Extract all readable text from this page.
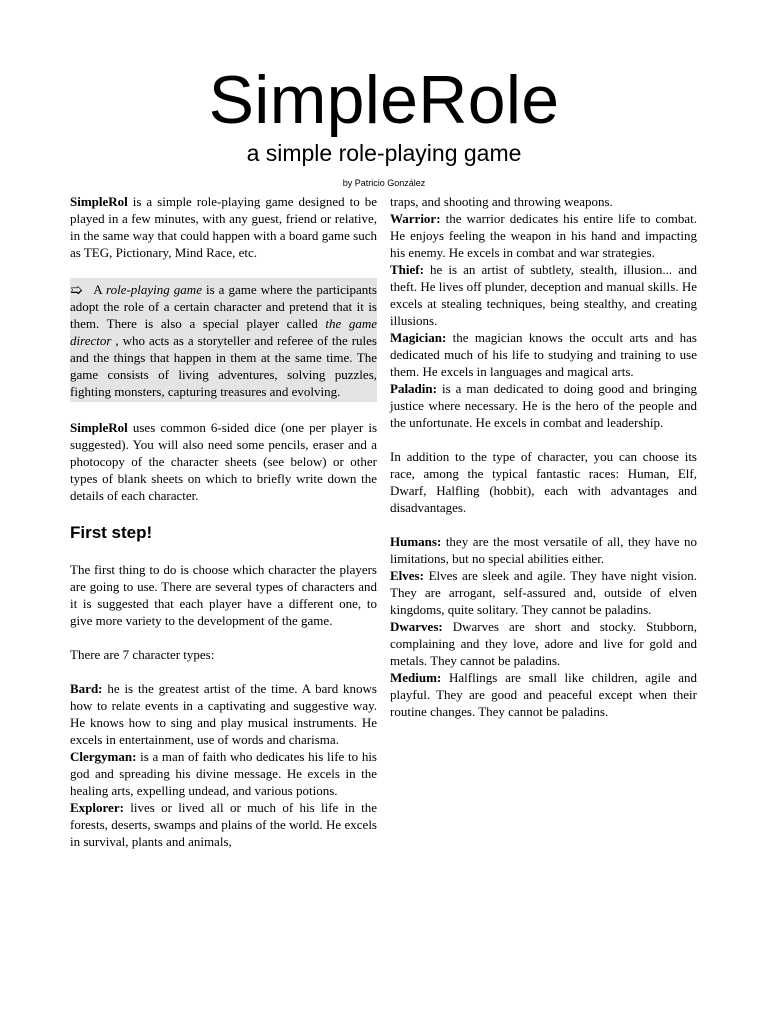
SimpleRole
a simple role-playing game
by Patricio González

SimpleRol is a simple role-playing game designed to be played in a few minutes, with any guest, friend or relative, in the same way that could happen with a board game such as TEG, Pictionary, Mind Race, etc.

➯ A role-playing game is a game where the participants adopt the role of a certain character and pretend that it is them. There is also a special player called the game director , who acts as a storyteller and referee of the rules and the things that happen in them at the same time. The game consists of living adventures, solving puzzles, fighting monsters, capturing treasures and evolving.

SimpleRol uses common 6-sided dice (one per player is suggested). You will also need some pencils, eraser and a photocopy of the character sheets (see below) or other types of blank sheets on which to briefly write down the details of each character.

First step!

The first thing to do is choose which character the players are going to use. There are several types of characters and it is suggested that each player have a different one, to give more variety to the development of the game.

There are 7 character types:

Bard: he is the greatest artist of the time. A bard knows how to relate events in a captivating and suggestive way. He knows how to sing and play musical instruments. He excels in entertainment, use of words and charisma.

Clergyman: is a man of faith who dedicates his life to his god and spreading his divine message. He excels in the healing arts, expelling undead, and various potions.

Explorer: lives or lived all or much of his life in the forests, deserts, swamps and plains of the world. He excels in survival, plants and animals,

traps, and shooting and throwing weapons.

Warrior: the warrior dedicates his entire life to combat. He enjoys feeling the weapon in his hand and impacting his enemy. He excels in combat and war strategies.

Thief: he is an artist of subtlety, stealth, illusion... and theft. He lives off plunder, deception and manual skills. He excels at stealing techniques, being stealthy, and creating illusions.

Magician: the magician knows the occult arts and has dedicated much of his life to studying and training to use them. He excels in languages and magical arts.

Paladin: is a man dedicated to doing good and bringing justice where necessary. He is the hero of the people and the unfortunate. He excels in combat and leadership.

In addition to the type of character, you can choose its race, among the typical fantastic races: Human, Elf, Dwarf, Halfling (hobbit), each with advantages and disadvantages.

Humans: they are the most versatile of all, they have no limitations, but no special abilities either.

Elves: Elves are sleek and agile. They have night vision. They are arrogant, self-assured and, outside of elven kingdoms, quite solitary. They cannot be paladins.

Dwarves: Dwarves are short and stocky. Stubborn, complaining and they love, adore and live for gold and metals. They cannot be paladins.

Medium: Halflings are small like children, agile and playful. They are good and peaceful except when their routine changes. They cannot be paladins.
